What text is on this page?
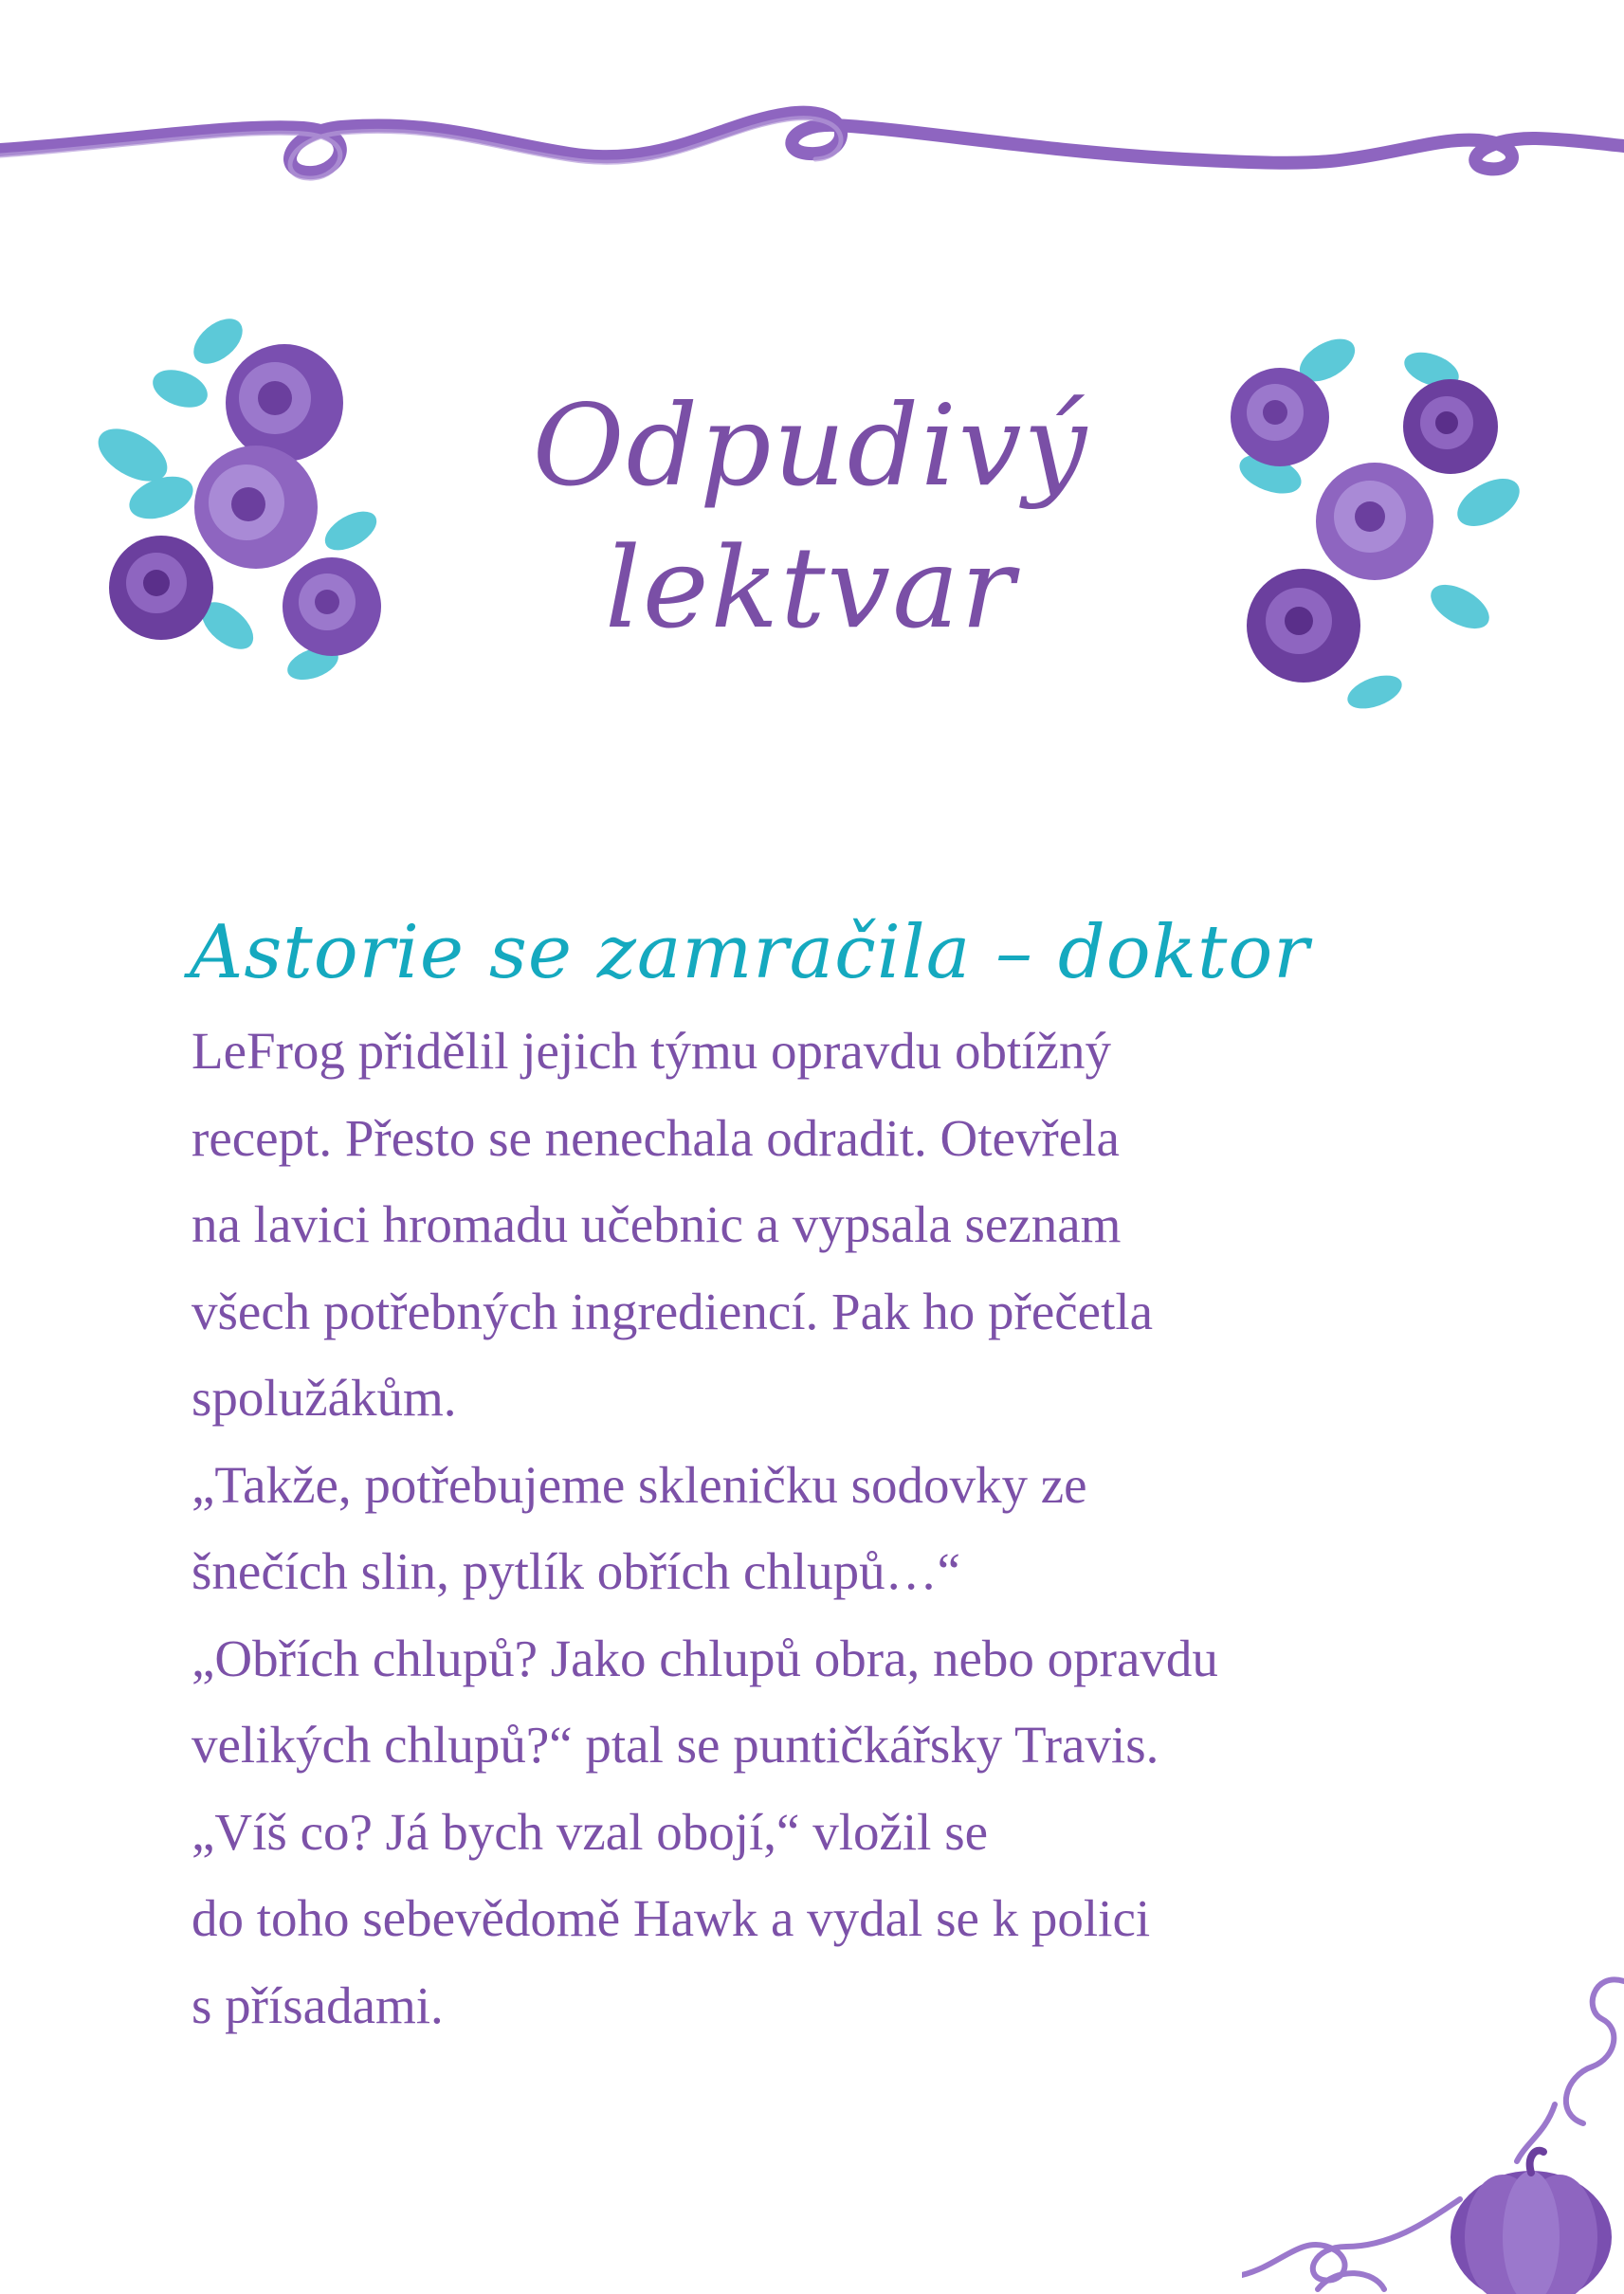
Odpudivý
lektvar
Astorie se zamračila – doktor
LeFrog přidělil jejich týmu opravdu obtížný
recept. Přesto se nenechala odradit. Otevřela
na lavici hromadu učebnic a vypsala seznam
všech potřebných ingrediencí. Pak ho přečetla
spolužákům.
„Takže, potřebujeme skleničku sodovky ze
šnečích slin, pytlík obřích chlupů…“
„Obřích chlupů? Jako chlupů obra, nebo opravdu
velikých chlupů?“ ptal se puntičkářsky Travis.
„Víš co? Já bych vzal obojí,“ vložil se
do toho sebevědomě Hawk a vydal se k polici
s přísadami.
19
